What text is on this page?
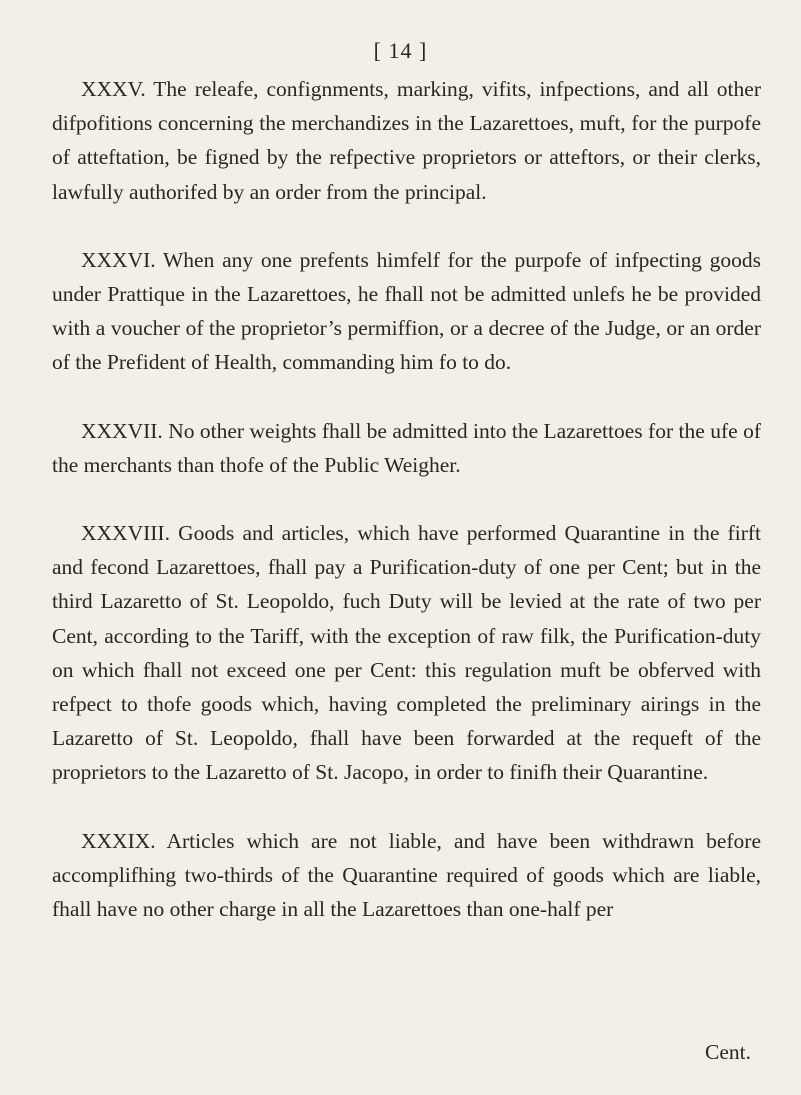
[ 14 ]

XXXV. The releafe, confignments, marking, vifits, infpections, and all other difpofitions concerning the merchandizes in the Lazarettoes, muft, for the purpofe of atteftation, be figned by the refpective proprietors or atteftors, or their clerks, lawfully authorifed by an order from the principal.

XXXVI. When any one prefents himfelf for the purpofe of infpecting goods under Prattique in the Lazarettoes, he fhall not be admitted unlefs he be provided with a voucher of the proprietor’s permiffion, or a decree of the Judge, or an order of the Prefident of Health, commanding him fo to do.

XXXVII. No other weights fhall be admitted into the Lazarettoes for the ufe of the merchants than thofe of the Public Weigher.

XXXVIII. Goods and articles, which have performed Quarantine in the firft and fecond Lazarettoes, fhall pay a Purification-duty of one per Cent; but in the third Lazaretto of St. Leopoldo, fuch Duty will be levied at the rate of two per Cent, according to the Tariff, with the exception of raw filk, the Purification-duty on which fhall not exceed one per Cent: this regulation muft be obferved with refpect to thofe goods which, having completed the preliminary airings in the Lazaretto of St. Leopoldo, fhall have been forwarded at the requeft of the proprietors to the Lazaretto of St. Jacopo, in order to finifh their Quarantine.

XXXIX. Articles which are not liable, and have been withdrawn before accomplifhing two-thirds of the Quarantine required of goods which are liable, fhall have no other charge in all the Lazarettoes than one-half per

Cent.
